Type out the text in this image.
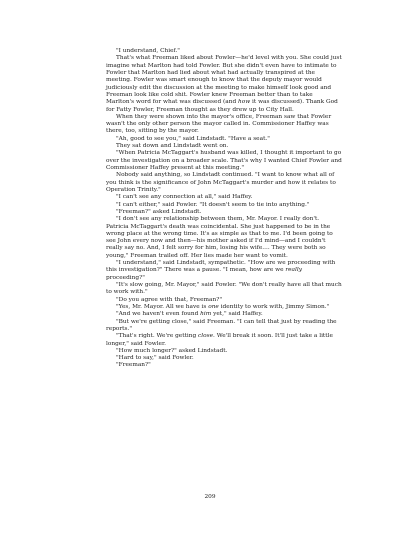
"I understand, Chief."

That's what Freeman liked about Fowler—he'd level with you. She could just imagine what Marlton had told Fowler. But she didn't even have to intimate to Fowler that Marlton had lied about what had actually transpired at the meeting. Fowler was smart enough to know that the deputy mayor would judiciously edit the discussion at the meeting to make himself look good and Freeman look like cold shit. Fowler knew Freeman better than to take Marlton's word for what was discussed (and how it was discussed). Thank God for Fatty Fowler, Freeman thought as they drew up to City Hall.

When they were shown into the mayor's office, Freeman saw that Fowler wasn't the only other person the mayor called in. Commissioner Haffey was there, too, sitting by the mayor.

"Ah, good to see you," said Lindstadt. "Have a seat."

They sat down and Lindstadt went on.

"When Patricia McTaggart's husband was killed, I thought it important to go over the investigation on a broader scale. That's why I wanted Chief Fowler and Commissioner Haffey present at this meeting."

Nobody said anything, so Lindstadt continued. "I want to know what all of you think is the significance of John McTaggart's murder and how it relates to Operation Trinity."

"I can't see any connection at all," said Haffey.

"I can't either," said Fowler. "It doesn't seem to tie into anything."

"Freeman?" asked Lindstadt.

"I don't see any relationship between them, Mr. Mayor. I really don't. Patricia McTaggart's death was coincidental. She just happened to be in the wrong place at the wrong time. It's as simple as that to me. I'd been going to see John every now and then—his mother asked if I'd mind—and I couldn't really say no. And, I felt sorry for him, losing his wife.... They were both so young," Freeman trailed off. Her lies made her want to vomit.

"I understand," said Lindstadt, sympathetic. "How are we proceeding with this investigation?" There was a pause. "I mean, how are we really proceeding?"

"It's slow going, Mr. Mayor," said Fowler. "We don't really have all that much to work with."

"Do you agree with that, Freeman?"

"Yes, Mr. Mayor. All we have is one identity to work with, Jimmy Simon."

"And we haven't even found him yet," said Haffey.

"But we're getting close," said Freeman. "I can tell that just by reading the reports."

"That's right. We're getting close. We'll break it soon. It'll just take a little longer," said Fowler.

"How much longer?" asked Lindstadt.

"Hard to say," said Fowler.

"Freeman?"

209
